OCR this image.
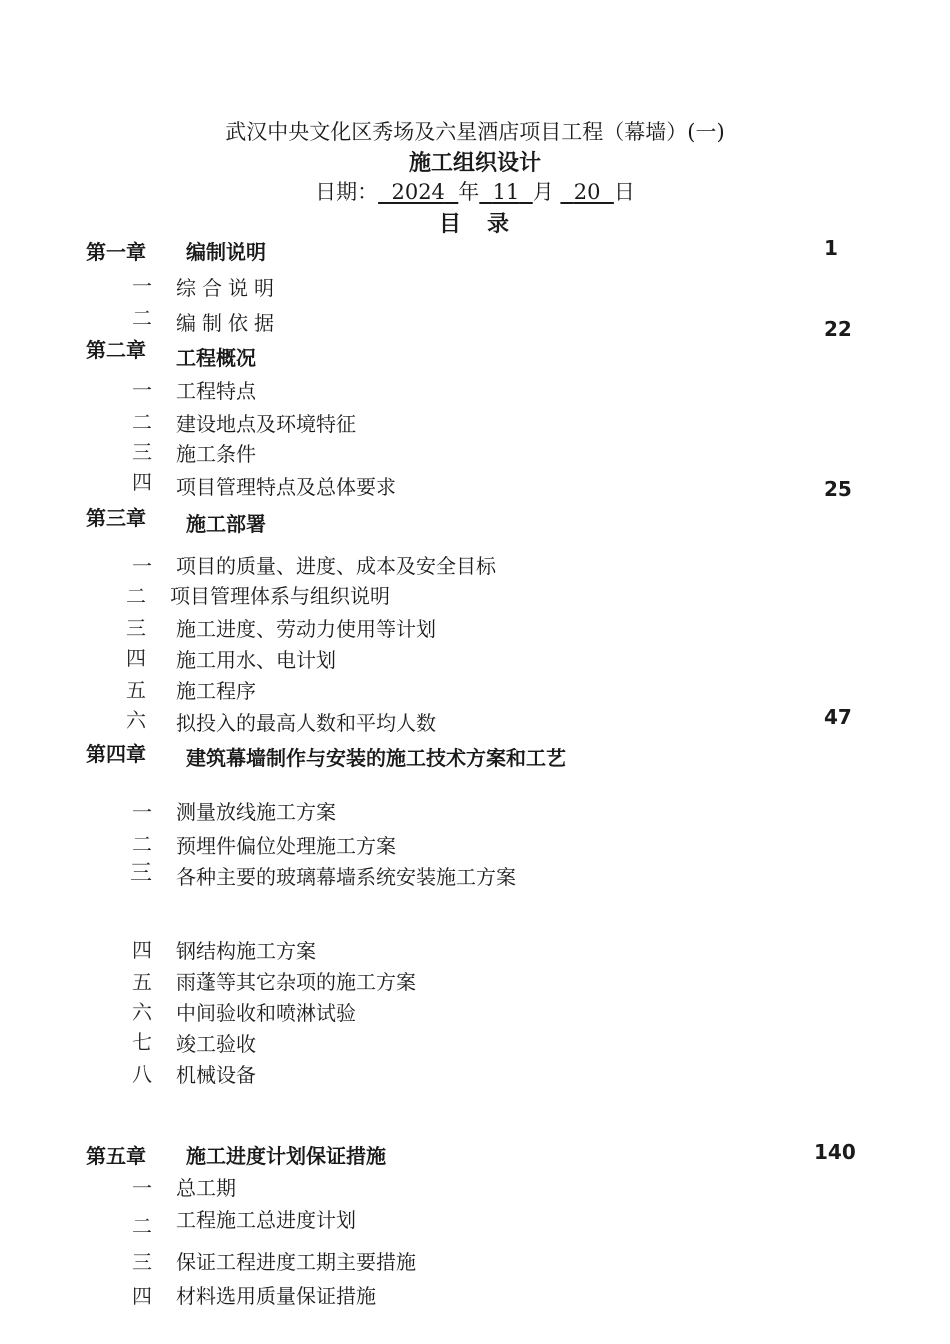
武汉中央文化区秀场及六星酒店项目工程（幕墙）(一)
施工组织设计
日期： 2024 年 11 月 20 日
目　录
第一章 编制说明	1
一 综合说明
二 编制依据
第二章 工程概况
22
一 工程特点
二 建设地点及环境特征
三 施工条件
四 项目管理特点及总体要求
第三章 施工部署
25
一 项目的质量、进度、成本及安全目标
二 项目管理体系与组织说明
三 施工进度、劳动力使用等计划
四 施工用水、电计划
五 施工程序
六 拟投入的最高人数和平均人数
第四章 建筑幕墙制作与安装的施工技术方案和工艺
47
一 测量放线施工方案
二 预埋件偏位处理施工方案
三 各种主要的玻璃幕墙系统安装施工方案
四 钢结构施工方案
五 雨蓬等其它杂项的施工方案
六 中间验收和喷淋试验
七 竣工验收
八 机械设备
第五章 施工进度计划保证措施	140
一 总工期
二 工程施工总进度计划
三 保证工程进度工期主要措施
四 材料选用质量保证措施
